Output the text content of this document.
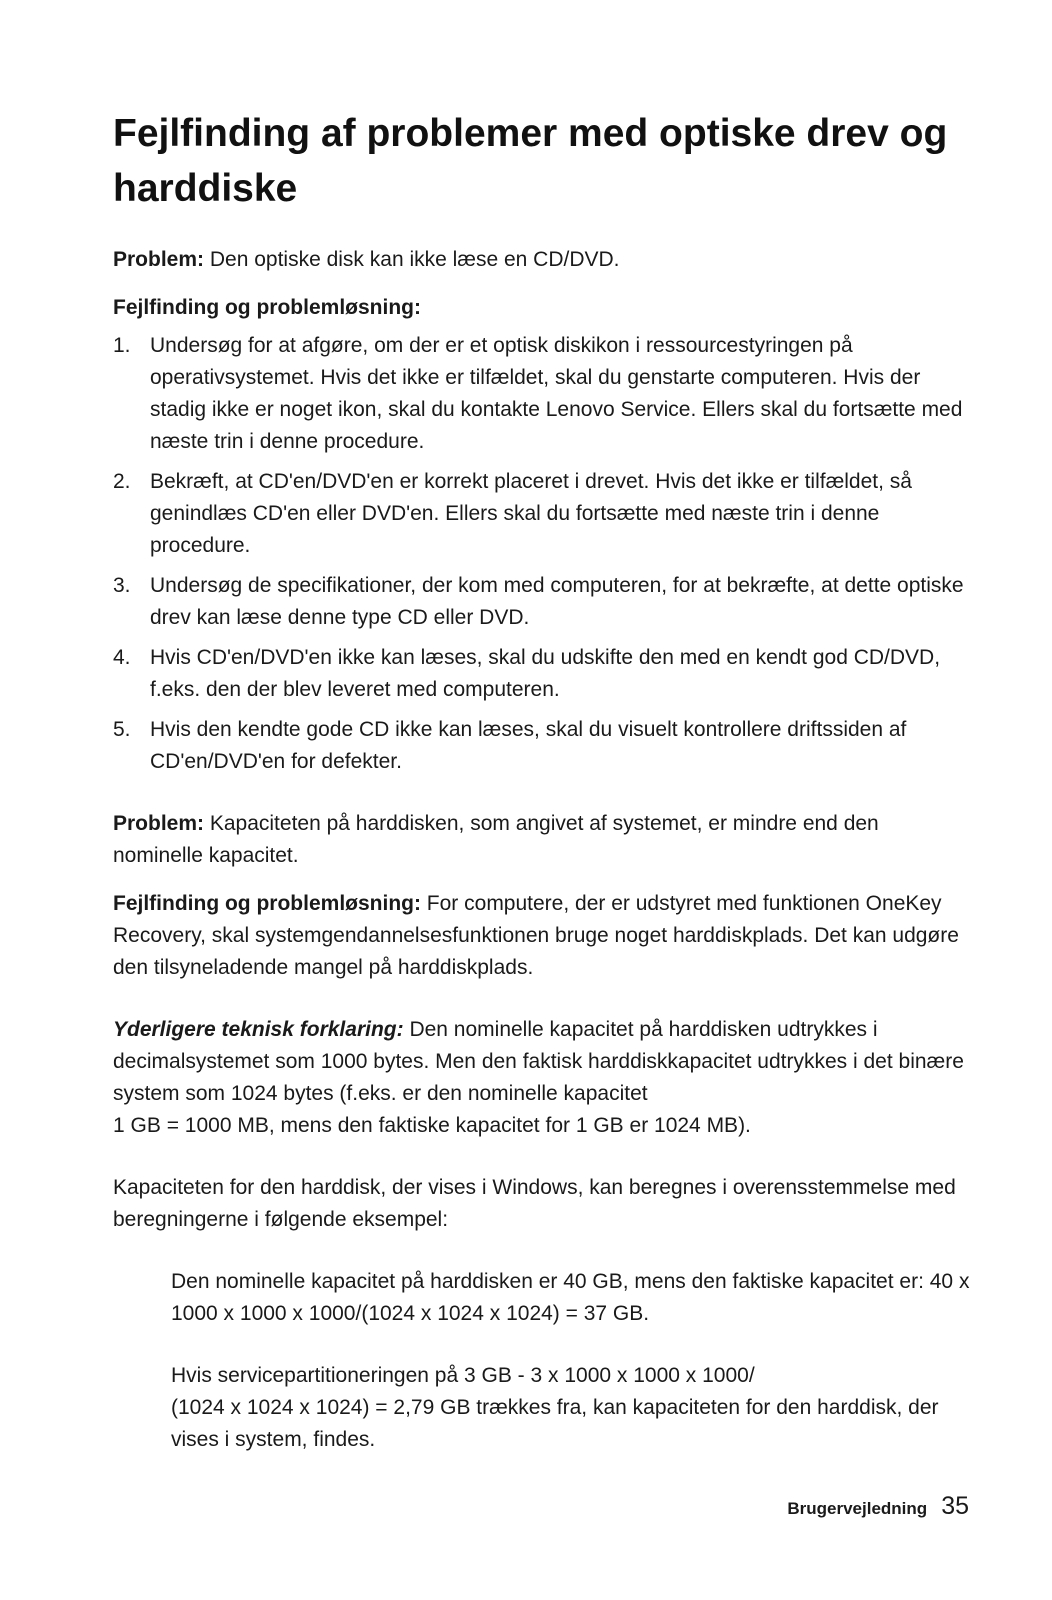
Fejlfinding af problemer med optiske drev og harddiske

Problem: Den optiske disk kan ikke læse en CD/DVD.

Fejlfinding og problemløsning:

1. Undersøg for at afgøre, om der er et optisk diskikon i ressourcestyringen på operativsystemet. Hvis det ikke er tilfældet, skal du genstarte computeren. Hvis der stadig ikke er noget ikon, skal du kontakte Lenovo Service. Ellers skal du fortsætte med næste trin i denne procedure.
2. Bekræft, at CD'en/DVD'en er korrekt placeret i drevet. Hvis det ikke er tilfældet, så genindlæs CD'en eller DVD'en. Ellers skal du fortsætte med næste trin i denne procedure.
3. Undersøg de specifikationer, der kom med computeren, for at bekræfte, at dette optiske drev kan læse denne type CD eller DVD.
4. Hvis CD'en/DVD'en ikke kan læses, skal du udskifte den med en kendt god CD/DVD, f.eks. den der blev leveret med computeren.
5. Hvis den kendte gode CD ikke kan læses, skal du visuelt kontrollere driftssiden af CD'en/DVD'en for defekter.

Problem: Kapaciteten på harddisken, som angivet af systemet, er mindre end den nominelle kapacitet.

Fejlfinding og problemløsning: For computere, der er udstyret med funktionen OneKey Recovery, skal systemgendannelsesfunktionen bruge noget harddiskplads. Det kan udgøre den tilsyneladende mangel på harddiskplads.

Yderligere teknisk forklaring: Den nominelle kapacitet på harddisken udtrykkes i decimalsystemet som 1000 bytes. Men den faktisk harddiskkapacitet udtrykkes i det binære system som 1024 bytes (f.eks. er den nominelle kapacitet
1 GB = 1000 MB, mens den faktiske kapacitet for 1 GB er 1024 MB).

Kapaciteten for den harddisk, der vises i Windows, kan beregnes i overensstemmelse med beregningerne i følgende eksempel:

Den nominelle kapacitet på harddisken er 40 GB, mens den faktiske kapacitet er: 40 x 1000 x 1000 x 1000/(1024 x 1024 x 1024) = 37 GB.

Hvis servicepartitioneringen på 3 GB - 3 x 1000 x 1000 x 1000/
(1024 x 1024 x 1024) = 2,79 GB trækkes fra, kan kapaciteten for den harddisk, der vises i system, findes.

Brugervejledning 35
